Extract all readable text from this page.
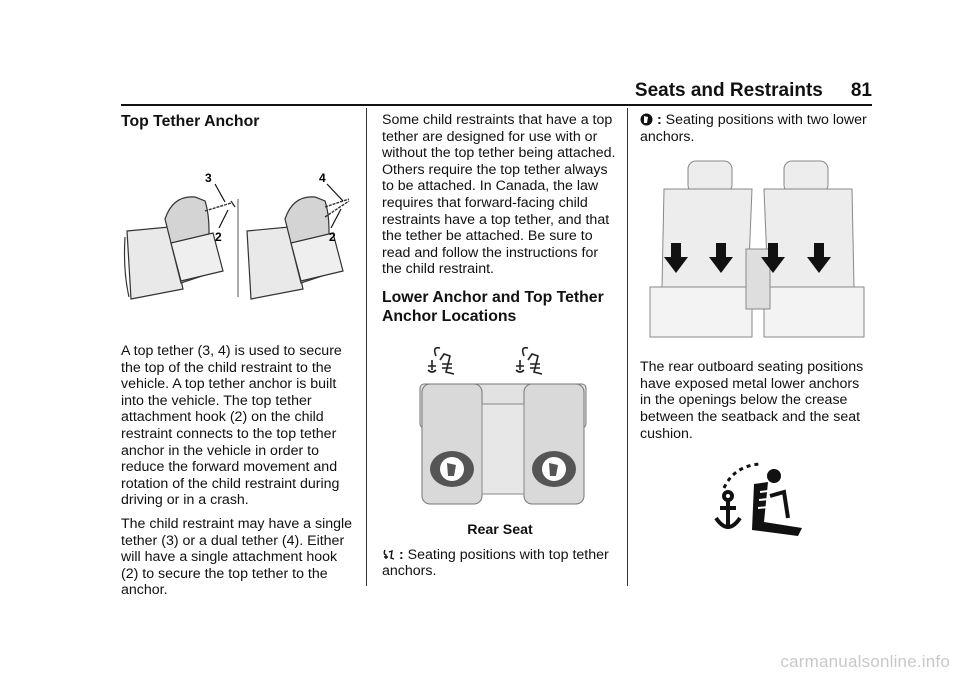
Seats and Restraints 81
Top Tether Anchor
3
2
4
2

A top tether (3, 4) is used to secure the top of the child restraint to the vehicle. A top tether anchor is built into the vehicle. The top tether attachment hook (2) on the child restraint connects to the top tether anchor in the vehicle in order to reduce the forward movement and rotation of the child restraint during driving or in a crash.

The child restraint may have a single tether (3) or a dual tether (4). Either will have a single attachment hook (2) to secure the top tether to the anchor.

Some child restraints that have a top tether are designed for use with or without the top tether being attached. Others require the top tether always to be attached. In Canada, the law requires that forward-facing child restraints have a top tether, and that the tether be attached. Be sure to read and follow the instructions for the child restraint.

Lower Anchor and Top Tether Anchor Locations
Rear Seat

: Seating positions with top tether anchors.

: Seating positions with two lower anchors.

The rear outboard seating positions have exposed metal lower anchors in the openings below the crease between the seatback and the seat cushion.

carmanualsonline.info
